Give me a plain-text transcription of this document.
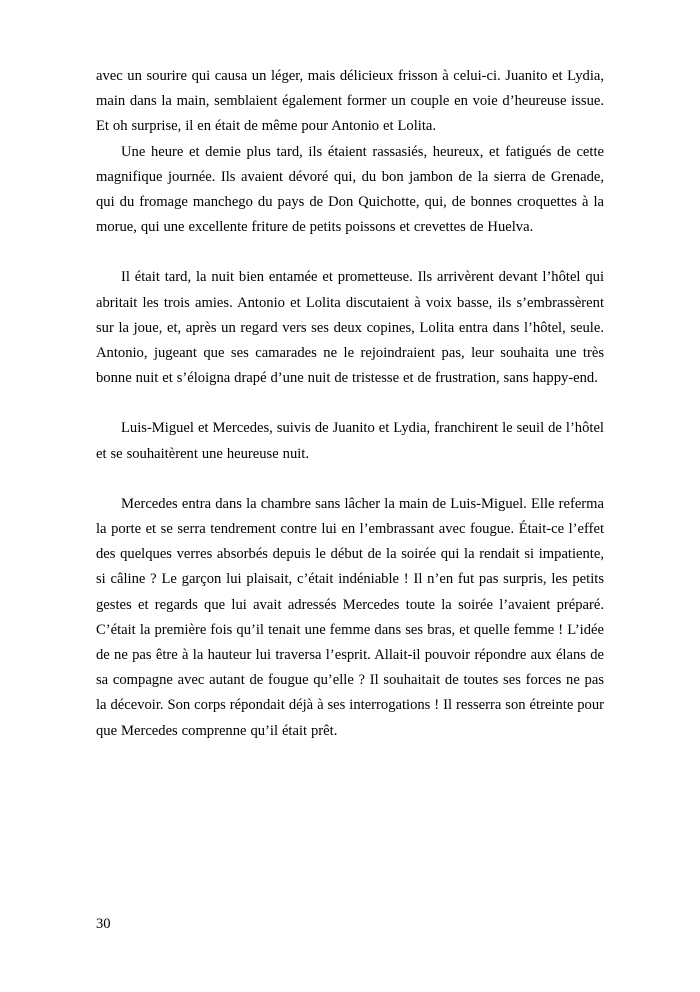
avec un sourire qui causa un léger, mais délicieux frisson à celui-ci. Juanito et Lydia, main dans la main, semblaient également former un couple en voie d’heureuse issue. Et oh surprise, il en était de même pour Antonio et Lolita.

Une heure et demie plus tard, ils étaient rassasiés, heureux, et fatigués de cette magnifique journée. Ils avaient dévoré qui, du bon jambon de la sierra de Grenade, qui du fromage manchego du pays de Don Quichotte, qui, de bonnes croquettes à la morue, qui une excellente friture de petits poissons et crevettes de Huelva.

Il était tard, la nuit bien entamée et prometteuse. Ils arrivèrent devant l’hôtel qui abritait les trois amies. Antonio et Lolita discutaient à voix basse, ils s’embrassèrent sur la joue, et, après un regard vers ses deux copines, Lolita entra dans l’hôtel, seule. Antonio, jugeant que ses camarades ne le rejoindraient pas, leur souhaita une très bonne nuit et s’éloigna drapé d’une nuit de tristesse et de frustration, sans happy-end.

Luis-Miguel et Mercedes, suivis de Juanito et Lydia, franchirent le seuil de l’hôtel et se souhaitèrent une heureuse nuit.

Mercedes entra dans la chambre sans lâcher la main de Luis-Miguel. Elle referma la porte et se serra tendrement contre lui en l’embrassant avec fougue. Était-ce l’effet des quelques verres absorbés depuis le début de la soirée qui la rendait si impatiente, si câline ? Le garçon lui plaisait, c’était indéniable ! Il n’en fut pas surpris, les petits gestes et regards que lui avait adressés Mercedes toute la soirée l’avaient préparé. C’était la première fois qu’il tenait une femme dans ses bras, et quelle femme ! L’idée de ne pas être à la hauteur lui traversa l’esprit. Allait-il pouvoir répondre aux élans de sa compagne avec autant de fougue qu’elle ? Il souhaitait de toutes ses forces ne pas la décevoir. Son corps répondait déjà à ses interrogations ! Il resserra son étreinte pour que Mercedes comprenne qu’il était prêt.

30
